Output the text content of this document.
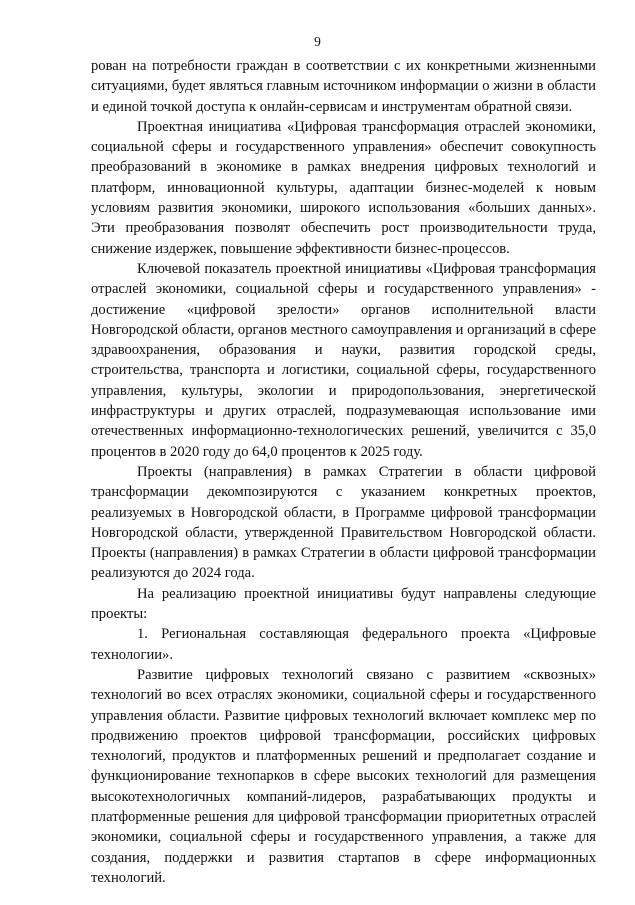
9

рован на потребности граждан в соответствии с их конкретными жизненными ситуациями, будет являться главным источником информации о жизни в области и единой точкой доступа к онлайн-сервисам и инструментам обратной связи.

Проектная инициатива «Цифровая трансформация отраслей экономики, социальной сферы и государственного управления» обеспечит совокупность преобразований в экономике в рамках внедрения цифровых технологий и платформ, инновационной культуры, адаптации бизнес-моделей к новым условиям развития экономики, широкого использования «больших данных». Эти преобразования позволят обеспечить рост производительности труда, снижение издержек, повышение эффективности бизнес-процессов.

Ключевой показатель проектной инициативы «Цифровая трансформация отраслей экономики, социальной сферы и государственного управления» - достижение «цифровой зрелости» органов исполнительной власти Новгородской области, органов местного самоуправления и организаций в сфере здравоохранения, образования и науки, развития городской среды, строительства, транспорта и логистики, социальной сферы, государственного управления, культуры, экологии и природопользования, энергетической инфраструктуры и других отраслей, подразумевающая использование ими отечественных информационно-технологических решений, увеличится с 35,0 процентов в 2020 году до 64,0 процентов к 2025 году.

Проекты (направления) в рамках Стратегии в области цифровой трансформации декомпозируются с указанием конкретных проектов, реализуемых в Новгородской области, в Программе цифровой трансформации Новгородской области, утвержденной Правительством Новгородской области. Проекты (направления) в рамках Стратегии в области цифровой трансформации реализуются до 2024 года.

На реализацию проектной инициативы будут направлены следующие проекты:

1. Региональная составляющая федерального проекта «Цифровые технологии».

Развитие цифровых технологий связано с развитием «сквозных» технологий во всех отраслях экономики, социальной сферы и государственного управления области. Развитие цифровых технологий включает комплекс мер по продвижению проектов цифровой трансформации, российских цифровых технологий, продуктов и платформенных решений и предполагает создание и функционирование технопарков в сфере высоких технологий для размещения высокотехнологичных компаний-лидеров, разрабатывающих продукты и платформенные решения для цифровой трансформации приоритетных отраслей экономики, социальной сферы и государственного управления, а также для создания, поддержки и развития стартапов в сфере информационных технологий.
